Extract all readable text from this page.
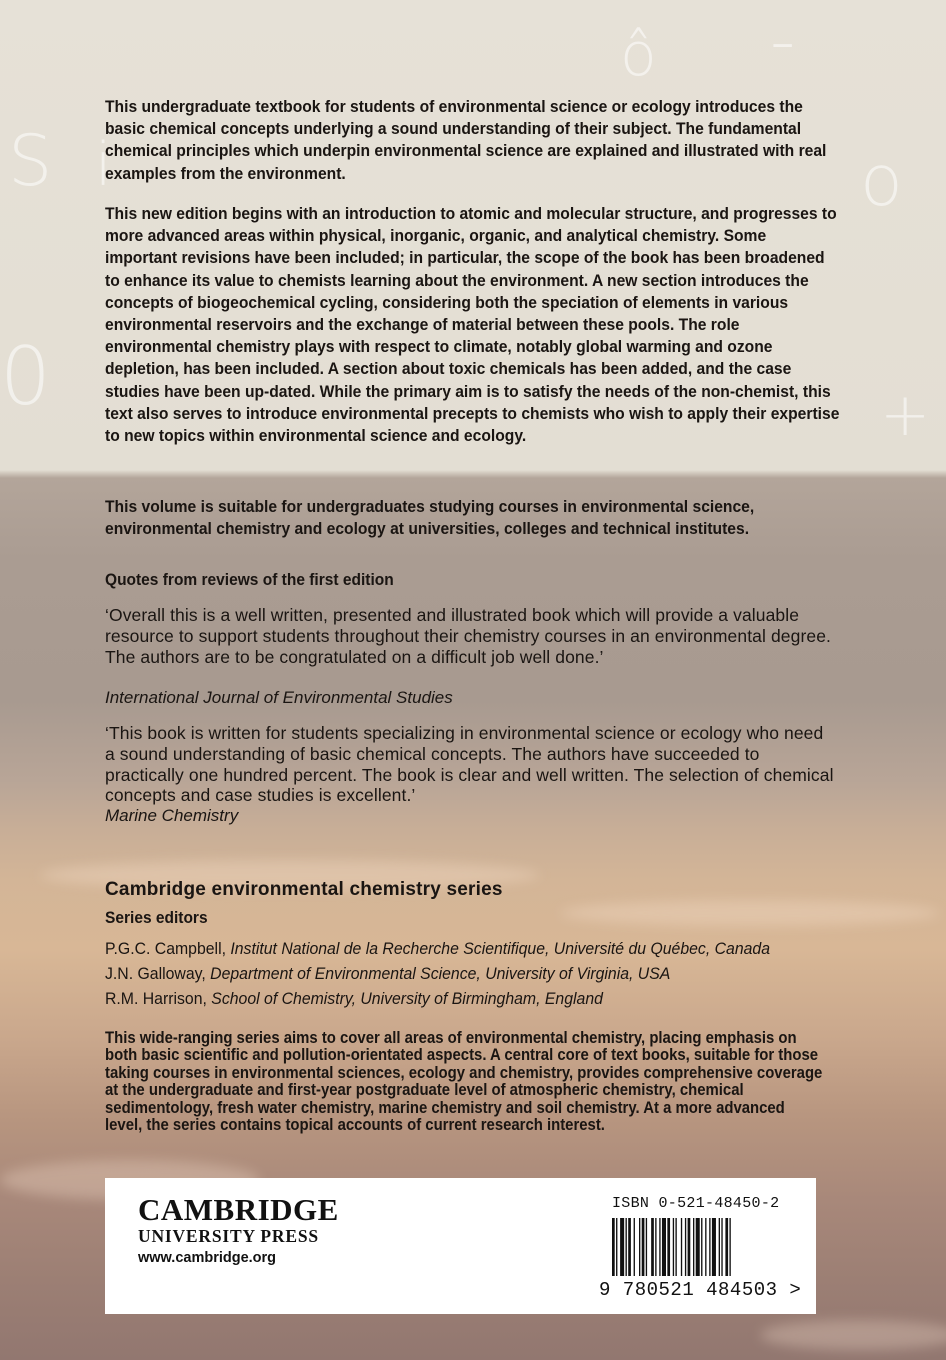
S i
0
ô -
o
+

This undergraduate textbook for students of environmental science or ecology introduces the basic chemical concepts underlying a sound understanding of their subject. The fundamental chemical principles which underpin environmental science are explained and illustrated with real examples from the environment.

This new edition begins with an introduction to atomic and molecular structure, and progresses to more advanced areas within physical, inorganic, organic, and analytical chemistry. Some important revisions have been included; in particular, the scope of the book has been broadened to enhance its value to chemists learning about the environment. A new section introduces the concepts of biogeochemical cycling, considering both the speciation of elements in various environmental reservoirs and the exchange of material between these pools. The role environmental chemistry plays with respect to climate, notably global warming and ozone depletion, has been included. A section about toxic chemicals has been added, and the case studies have been up-dated. While the primary aim is to satisfy the needs of the non-chemist, this text also serves to introduce environmental precepts to chemists who wish to apply their expertise to new topics within environmental science and ecology.

This volume is suitable for undergraduates studying courses in environmental science, environmental chemistry and ecology at universities, colleges and technical institutes.

Quotes from reviews of the first edition

‘Overall this is a well written, presented and illustrated book which will provide a valuable resource to support students throughout their chemistry courses in an environmental degree. The authors are to be congratulated on a difficult job well done.’

International Journal of Environmental Studies

‘This book is written for students specializing in environmental science or ecology who need a sound understanding of basic chemical concepts. The authors have succeeded to practically one hundred percent. The book is clear and well written. The selection of chemical concepts and case studies is excellent.’

Marine Chemistry

Cambridge environmental chemistry series

Series editors

P.G.C. Campbell, Institut National de la Recherche Scientifique, Université du Québec, Canada

J.N. Galloway, Department of Environmental Science, University of Virginia, USA

R.M. Harrison, School of Chemistry, University of Birmingham, England

This wide-ranging series aims to cover all areas of environmental chemistry, placing emphasis on both basic scientific and pollution-orientated aspects. A central core of text books, suitable for those taking courses in environmental sciences, ecology and chemistry, provides comprehensive coverage at the undergraduate and first-year postgraduate level of atmospheric chemistry, chemical sedimentology, fresh water chemistry, marine chemistry and soil chemistry. At a more advanced level, the series contains topical accounts of current research interest.

CAMBRIDGE

UNIVERSITY PRESS

www.cambridge.org

ISBN 0-521-48450-2

9 780521 484503 >
